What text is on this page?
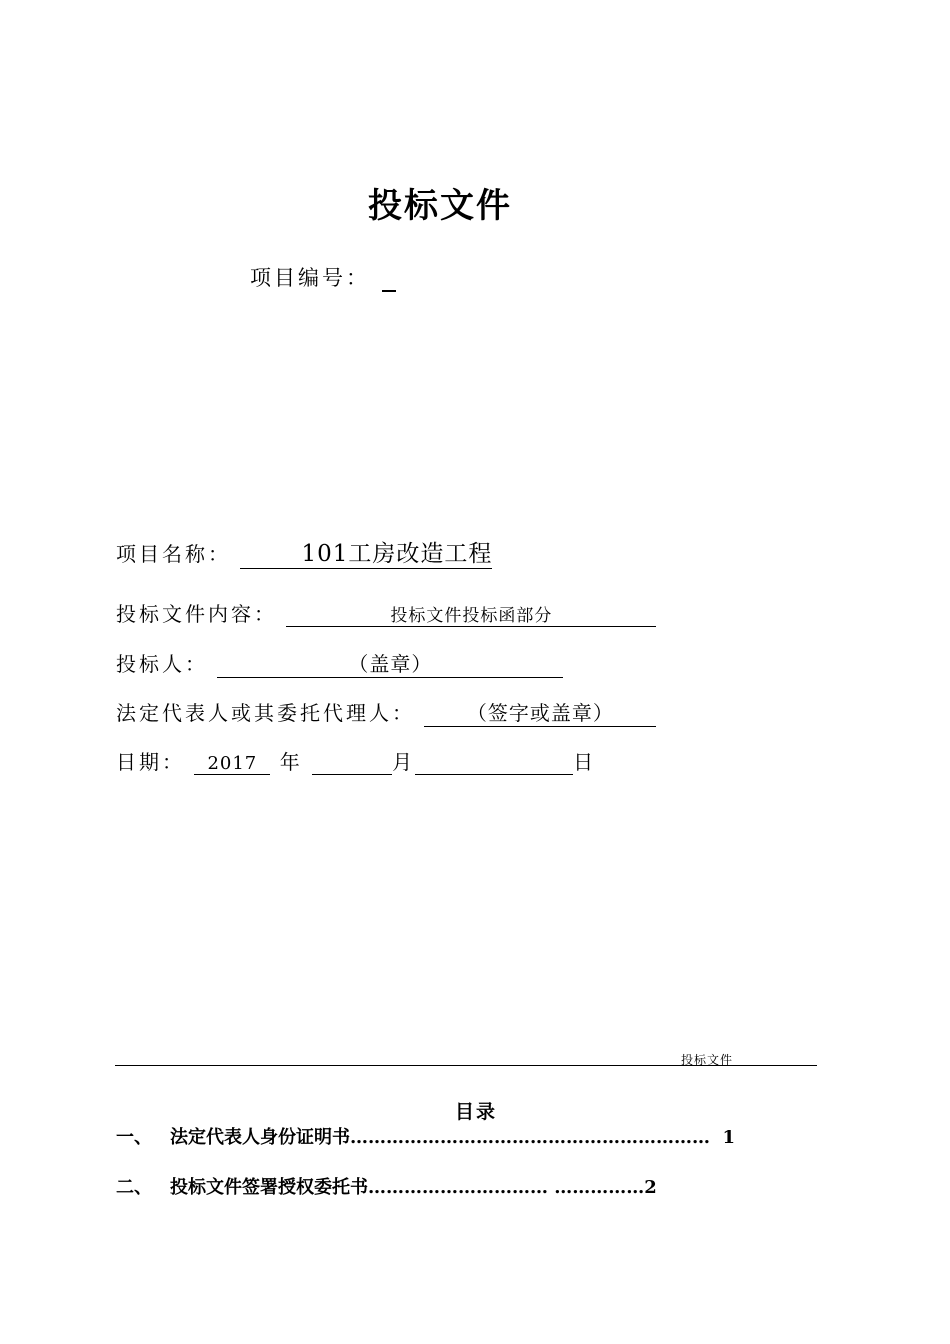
投标文件
项目编号：
项目名称：	101工房改造工程
投标文件内容：	投标文件投标函部分
投标人：	（盖章）
法定代表人或其委托代理人：	（签字或盖章）
日期： 2017 年	月	日
投标文件
目录
一、 法定代表人身份证明书…………………………………………………… 1
二、 投标文件签署授权委托书………………………… ……………2
